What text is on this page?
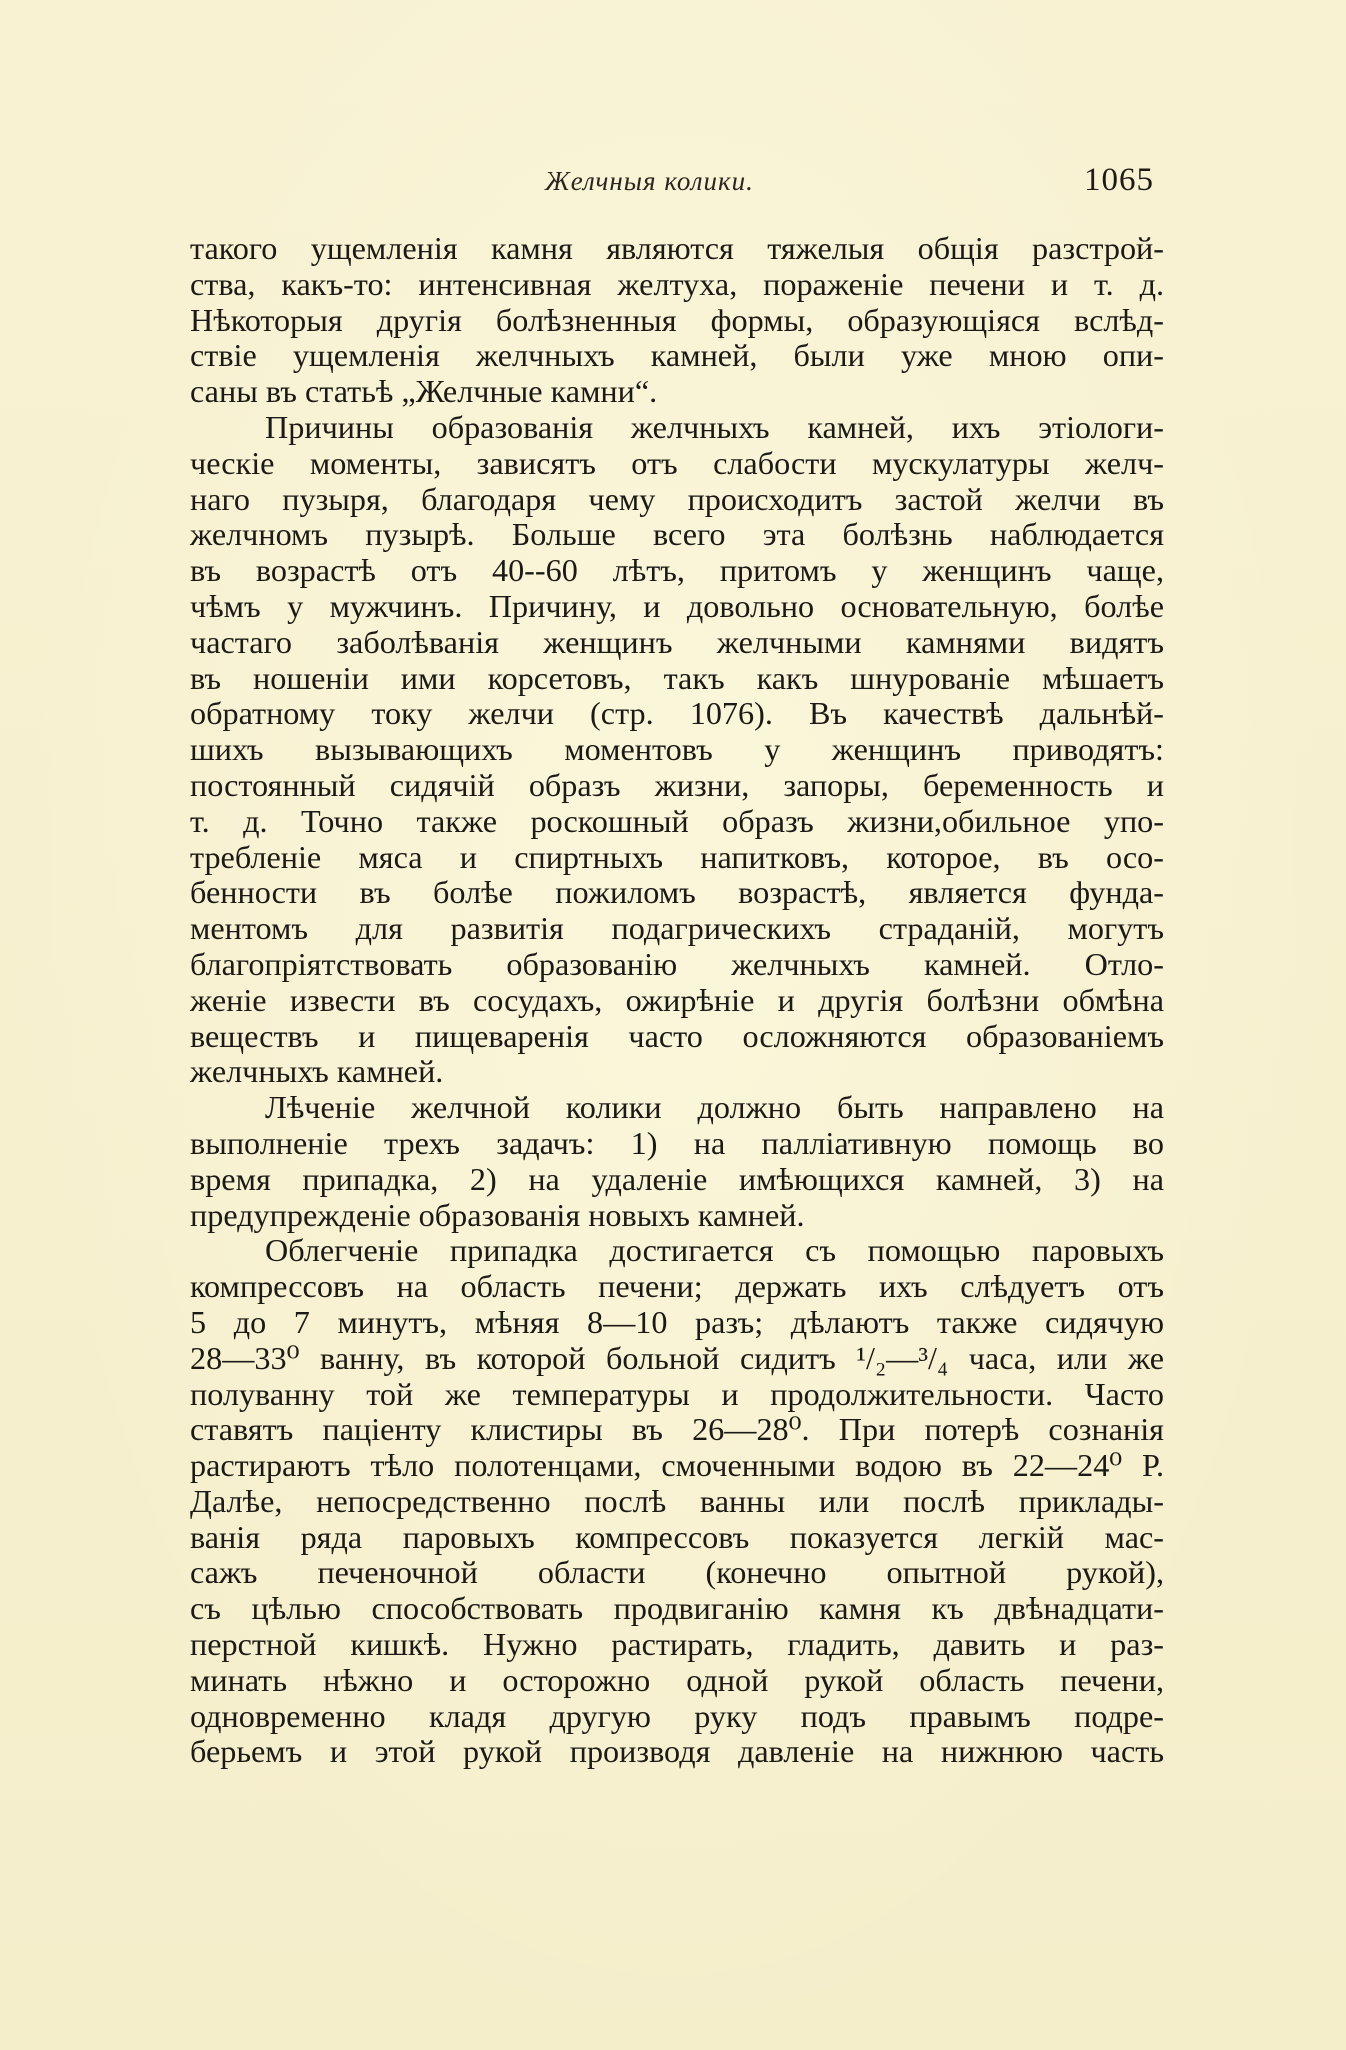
Желчныя колики.	1065
такого ущемленія камня являются тяжелыя общія разстрой-
ства, какъ-то: интенсивная желтуха, пораженіе печени и т. д.
Нѣкоторыя другія болѣзненныя формы, образующіяся вслѣд-
ствіе ущемленія желчныхъ камней, были уже мною опи-
саны въ статьѣ „Желчные камни“.
Причины образованія желчныхъ камней, ихъ этіологи-
ческіе моменты, зависятъ отъ слабости мускулатуры желч-
наго пузыря, благодаря чему происходитъ застой желчи въ
желчномъ пузырѣ. Больше всего эта болѣзнь наблюдается
въ возрастѣ отъ 40--60 лѣтъ, притомъ у женщинъ чаще,
чѣмъ у мужчинъ. Причину, и довольно основательную, болѣе
частаго заболѣванія женщинъ желчными камнями видятъ
въ ношеніи ими корсетовъ, такъ какъ шнурованіе мѣшаетъ
обратному току желчи (стр. 1076). Въ качествѣ дальнѣй-
шихъ вызывающихъ моментовъ у женщинъ приводятъ:
постоянный сидячій образъ жизни, запоры, беременность и
т. д. Точно также роскошный образъ жизни,обильное упо-
требленіе мяса и спиртныхъ напитковъ, которое, въ осо-
бенности въ болѣе пожиломъ возрастѣ, является фунда-
ментомъ для развитія подагрическихъ страданій, могутъ
благопріятствовать образованію желчныхъ камней. Отло-
женіе извести въ сосудахъ, ожирѣніе и другія болѣзни обмѣна
веществъ и пищеваренія часто осложняются образованіемъ
желчныхъ камней.
Лѣченіе желчной колики должно быть направлено на
выполненіе трехъ задачъ: 1) на палліативную помощь во
время припадка, 2) на удаленіе имѣющихся камней, 3) на
предупрежденіе образованія новыхъ камней.
Облегченіе припадка достигается съ помощью паровыхъ
компрессовъ на область печени; держать ихъ слѣдуетъ отъ
5 до 7 минутъ, мѣняя 8—10 разъ; дѣлаютъ также сидячую
28—33⁰ ванну, въ которой больной сидитъ ¹/₂—³/₄ часа, или же
полуванну той же температуры и продолжительности. Часто
ставятъ паціенту клистиры въ 26—28⁰. При потерѣ сознанія
растираютъ тѣло полотенцами, смоченными водою въ 22—24⁰ Р.
Далѣе, непосредственно послѣ ванны или послѣ приклады-
ванія ряда паровыхъ компрессовъ показуется легкій мас-
сажъ печеночной области (конечно опытной рукой),
съ цѣлью способствовать продвиганію камня къ двѣнадцати-
перстной кишкѣ. Нужно растирать, гладить, давить и раз-
минать нѣжно и осторожно одной рукой область печени,
одновременно кладя другую руку подъ правымъ подре-
берьемъ и этой рукой производя давленіе на нижнюю часть
